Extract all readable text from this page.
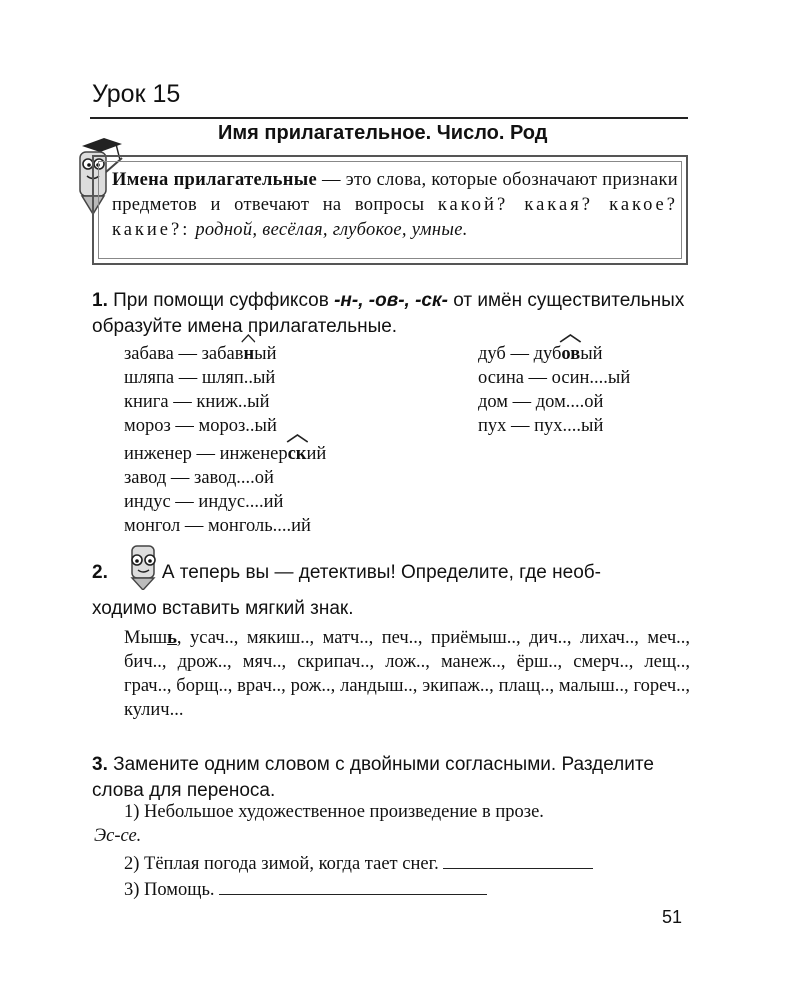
Урок 15
Имя прилагательное. Число. Род
Имена прилагательные — это слова, которые обозначают признаки предметов и отвечают на вопросы какой? какая? какое? какие?: родной, весёлая, глубокое, умные.
1. При помощи суффиксов -н-, -ов-, -ск- от имён существительных образуйте имена прилагательные.
забава — забавн
ый
шляпа — шляп..ый
книга — книж..ый
мороз — мороз..ый
дуб — дубов
ый
осина — осин....ый
дом — дом....ой
пух — пух....ый
инженер — инженерск
ий
завод — завод....ой
индус — индус....ий
монгол — монголь....ий
2.	А теперь вы — детективы! Определите, где необ-
ходимо вставить мягкий знак.
Мышь, усач.., мякиш.., матч.., печ.., приёмыш.., дич.., лихач.., меч.., бич.., дрож.., мяч.., скрипач.., лож.., манеж.., ёрш.., смерч.., лещ.., грач.., борщ.., врач.., рож.., ландыш.., экипаж.., плащ.., малыш.., гореч.., кулич...
3. Замените одним словом с двойными согласными. Разделите слова для переноса.
1) Небольшое художественное произведение в прозе.
Эс-се.
2) Тёплая погода зимой, когда тает снег.
3) Помощь.
51
